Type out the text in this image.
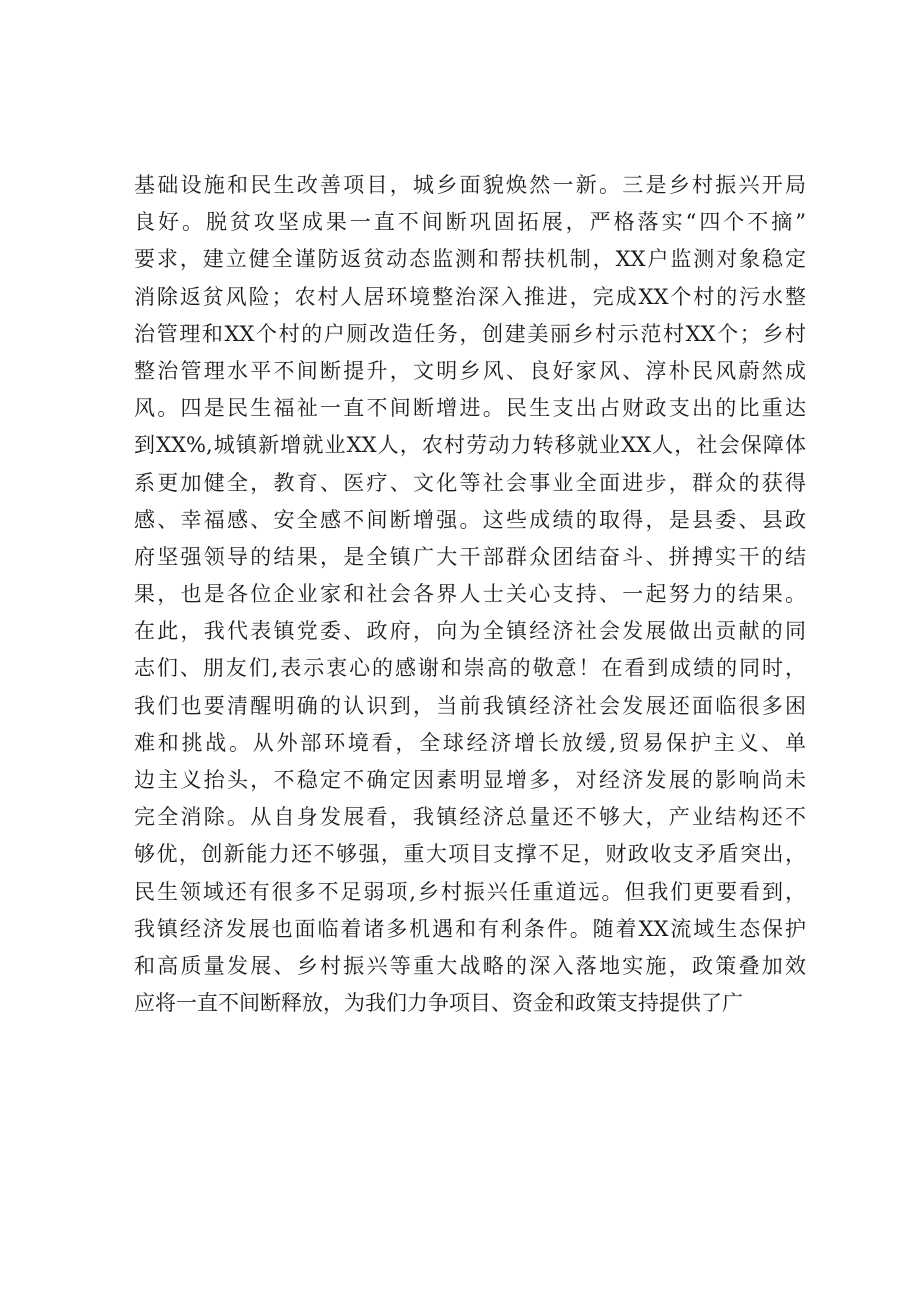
基础设施和民生改善项目，城乡面貌焕然一新。三是乡村振兴开局
良好。脱贫攻坚成果一直不间断巩固拓展，严格落实“四个不摘”
要求，建立健全谨防返贫动态监测和帮扶机制，XX户监测对象稳定
消除返贫风险；农村人居环境整治深入推进，完成XX个村的污水整
治管理和XX个村的户厕改造任务，创建美丽乡村示范村XX个；乡村
整治管理水平不间断提升，文明乡风、良好家风、淳朴民风蔚然成
风。四是民生福祉一直不间断增进。民生支出占财政支出的比重达
到XX%,城镇新增就业XX人，农村劳动力转移就业XX人，社会保障体
系更加健全，教育、医疗、文化等社会事业全面进步，群众的获得
感、幸福感、安全感不间断增强。这些成绩的取得，是县委、县政
府坚强领导的结果，是全镇广大干部群众团结奋斗、拼搏实干的结
果，也是各位企业家和社会各界人士关心支持、一起努力的结果。
在此，我代表镇党委、政府，向为全镇经济社会发展做出贡献的同
志们、朋友们,表示衷心的感谢和崇高的敬意！在看到成绩的同时，
我们也要清醒明确的认识到，当前我镇经济社会发展还面临很多困
难和挑战。从外部环境看，全球经济增长放缓,贸易保护主义、单
边主义抬头，不稳定不确定因素明显增多，对经济发展的影响尚未
完全消除。从自身发展看，我镇经济总量还不够大，产业结构还不
够优，创新能力还不够强，重大项目支撑不足，财政收支矛盾突出，
民生领域还有很多不足弱项,乡村振兴任重道远。但我们更要看到，
我镇经济发展也面临着诸多机遇和有利条件。随着XX流域生态保护
和高质量发展、乡村振兴等重大战略的深入落地实施，政策叠加效
应将一直不间断释放，为我们力争项目、资金和政策支持提供了广
